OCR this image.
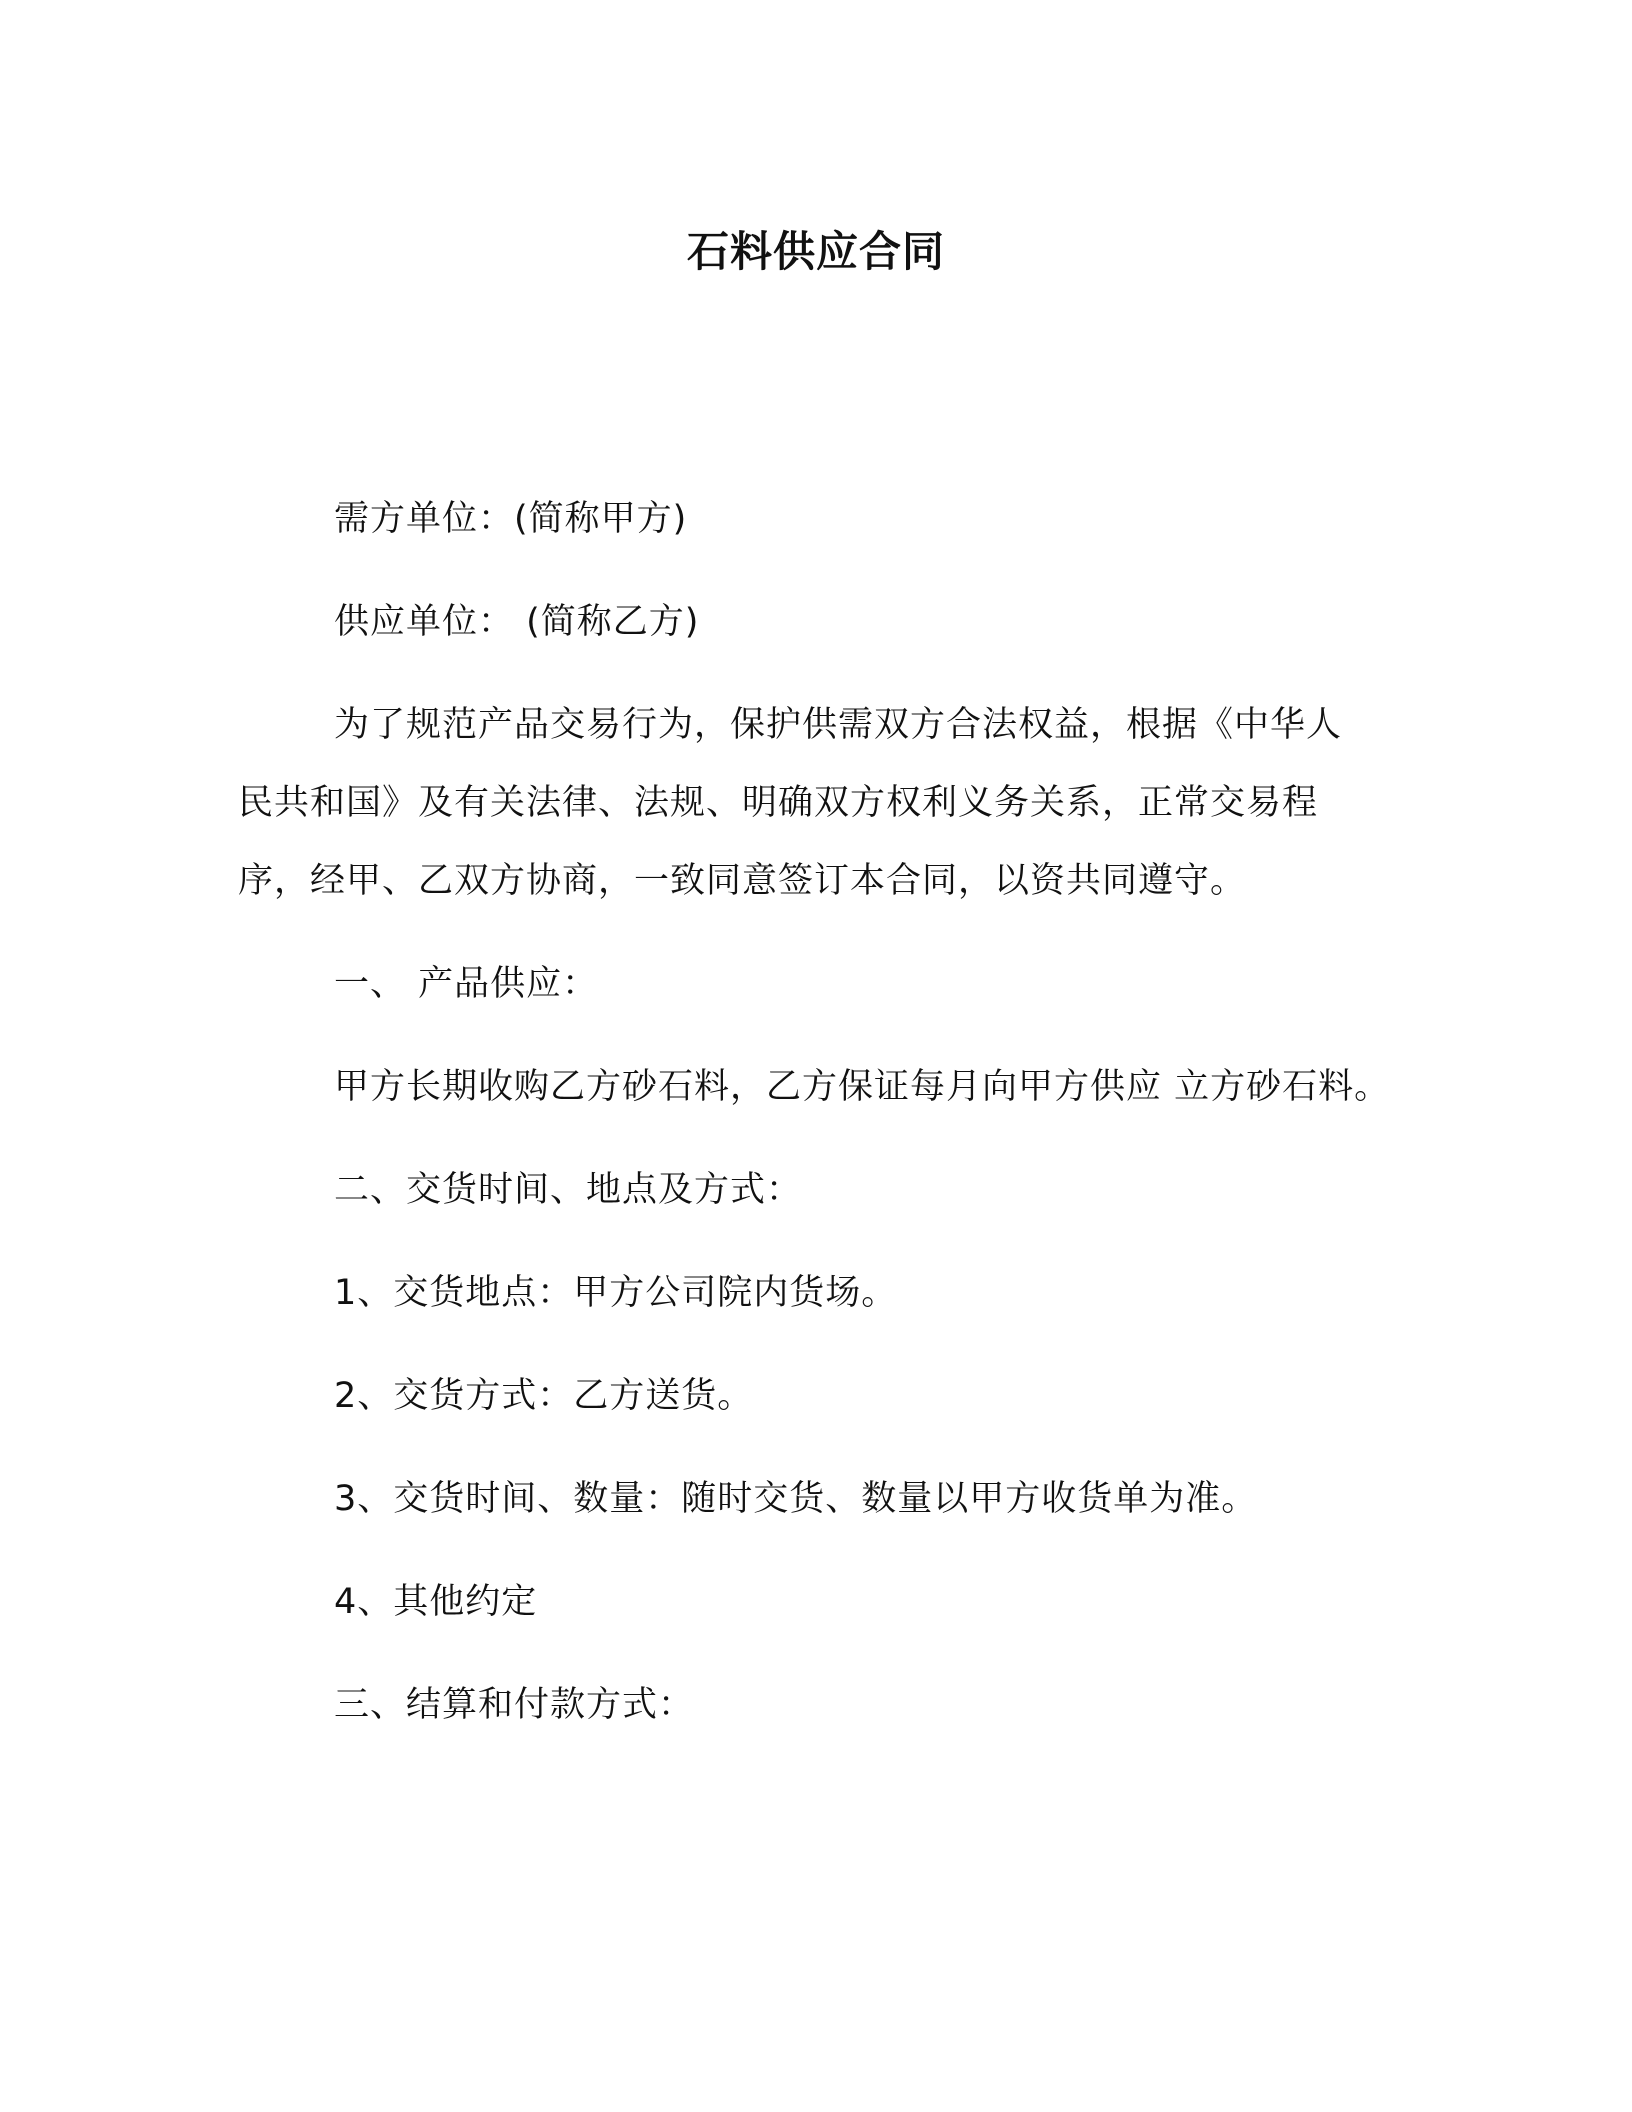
石料供应合同
需方单位：(简称甲方)
供应单位： (简称乙方)
为了规范产品交易行为，保护供需双方合法权益，根据《中华人
民共和国》及有关法律、法规、明确双方权利义务关系，正常交易程
序，经甲、乙双方协商，一致同意签订本合同，以资共同遵守。
一、 产品供应：
甲方长期收购乙方砂石料，乙方保证每月向甲方供应 立方砂石料。
二、交货时间、地点及方式：
1、交货地点：甲方公司院内货场。
2、交货方式：乙方送货。
3、交货时间、数量：随时交货、数量以甲方收货单为准。
4、其他约定
三、结算和付款方式：
